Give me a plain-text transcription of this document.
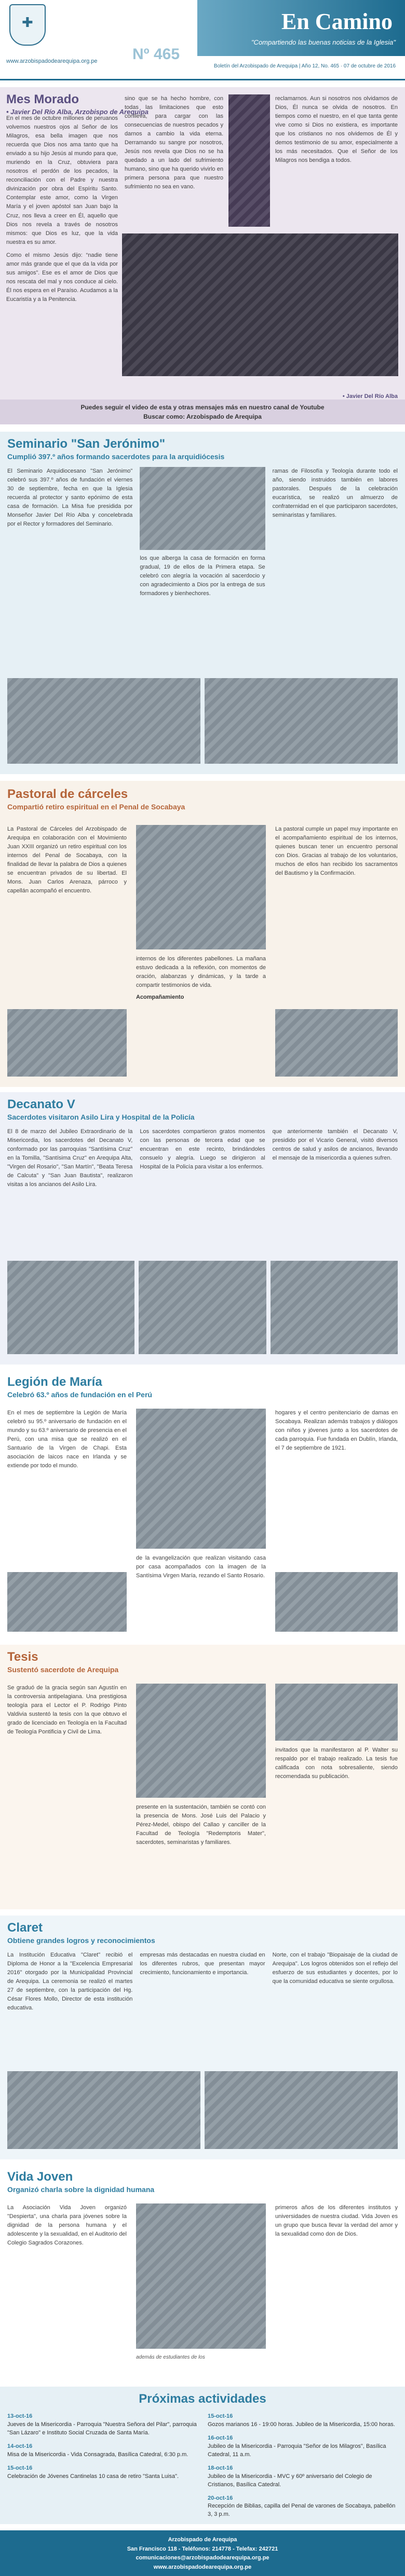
✚
www.arzobispadodearequipa.org.pe
En Camino
"Compartiendo las buenas noticias de la Iglesia"
Nº 465
Boletín del Arzobispado de Arequipa | Año 12, No. 465 · 07 de octubre de 2016
Mes Morado
• Javier Del Río Alba, Arzobispo de Arequipa

En el mes de octubre millones de peruanos volvemos nuestros ojos al Señor de los Milagros, esa bella imagen que nos recuerda que Dios nos ama tanto que ha enviado a su hijo Jesús al mundo para que, muriendo en la Cruz, obtuviera para nosotros el perdón de los pecados, la reconciliación con el Padre y nuestra divinización por obra del Espíritu Santo. Contemplar este amor, como la Virgen María y el joven apóstol san Juan bajo la Cruz, nos lleva a creer en Él, aquello que Dios nos revela a través de nosotros mismos: que Dios es luz, que la vida nuestra es su amor.

Como el mismo Jesús dijo: “nadie tiene amor más grande que el que da la vida por sus amigos”. Ese es el amor de Dios que nos rescata del mal y nos conduce al cielo. Él nos espera en el Paraíso. Acudamos a la Eucaristía y a la Penitencia.

sino que se ha hecho hombre, con todas las limitaciones que esto conlleva, para cargar con las consecuencias de nuestros pecados y darnos a cambio la vida eterna. Derramando su sangre por nosotros, Jesús nos revela que Dios no se ha quedado a un lado del sufrimiento humano, sino que ha querido vivirlo en primera persona para que nuestro sufrimiento no sea en vano.

reclamarnos. Aun si nosotros nos olvidamos de Dios, Él nunca se olvida de nosotros. En tiempos como el nuestro, en el que tanta gente vive como si Dios no existiera, es importante que los cristianos no nos olvidemos de Él y demos testimonio de su amor, especialmente a los más necesitados. Que el Señor de los Milagros nos bendiga a todos.

• Javier Del Río Alba

Puedes seguir el video de esta y otras mensajes más en nuestro canal de Youtube
Buscar como: Arzobispado de Arequipa
Seminario "San Jerónimo"
Cumplió 397.º años formando sacerdotes para la arquidiócesis

El Seminario Arquidiocesano "San Jerónimo" celebró sus 397.º años de fundación el viernes 30 de septiembre, fecha en que la Iglesia recuerda al protector y santo epónimo de esta casa de formación. La Misa fue presidida por Monseñor Javier Del Río Alba y concelebrada por el Rector y formadores del Seminario.

los que alberga la casa de formación en forma gradual, 19 de ellos de la Primera etapa. Se celebró con alegría la vocación al sacerdocio y con agradecimiento a Dios por la entrega de sus formadores y bienhechores.

ramas de Filosofía y Teología durante todo el año, siendo instruidos también en labores pastorales. Después de la celebración eucarística, se realizó un almuerzo de confraternidad en el que participaron sacerdotes, seminaristas y familiares.

Pastoral de cárceles
Compartió retiro espiritual en el Penal de Socabaya

La Pastoral de Cárceles del Arzobispado de Arequipa en colaboración con el Movimiento Juan XXIII organizó un retiro espiritual con los internos del Penal de Socabaya, con la finalidad de llevar la palabra de Dios a quienes se encuentran privados de su libertad. El Mons. Juan Carlos Arenaza, párroco y capellán acompañó el encuentro.

internos de los diferentes pabellones. La mañana estuvo dedicada a la reflexión, con momentos de oración, alabanzas y dinámicas, y la tarde a compartir testimonios de vida.

Acompañamiento

La pastoral cumple un papel muy importante en el acompañamiento espiritual de los internos, quienes buscan tener un encuentro personal con Dios. Gracias al trabajo de los voluntarios, muchos de ellos han recibido los sacramentos del Bautismo y la Confirmación.

Decanato V
Sacerdotes visitaron Asilo Lira y Hospital de la Policía

El 8 de marzo del Jubileo Extraordinario de la Misericordia, los sacerdotes del Decanato V, conformado por las parroquias "Santísima Cruz" en la Tomilla, "Santísima Cruz" en Arequipa Alta, "Virgen del Rosario", "San Martín", "Beata Teresa de Calcuta" y "San Juan Bautista", realizaron visitas a los ancianos del Asilo Lira.

Los sacerdotes compartieron gratos momentos con las personas de tercera edad que se encuentran en este recinto, brindándoles consuelo y alegría. Luego se dirigieron al Hospital de la Policía para visitar a los enfermos.

que anteriormente también el Decanato V, presidido por el Vicario General, visitó diversos centros de salud y asilos de ancianos, llevando el mensaje de la misericordia a quienes sufren.

Legión de María
Celebró 63.º años de fundación en el Perú

En el mes de septiembre la Legión de María celebró su 95.º aniversario de fundación en el mundo y su 63.º aniversario de presencia en el Perú, con una misa que se realizó en el Santuario de la Virgen de Chapi. Esta asociación de laicos nace en Irlanda y se extiende por todo el mundo.

de la evangelización que realizan visitando casa por casa acompañados con la imagen de la Santísima Virgen María, rezando el Santo Rosario.

hogares y el centro penitenciario de damas en Socabaya. Realizan además trabajos y diálogos con niños y jóvenes junto a los sacerdotes de cada parroquia. Fue fundada en Dublín, Irlanda, el 7 de septiembre de 1921.

Tesis
Sustentó sacerdote de Arequipa

Se graduó de la gracia según san Agustín en la controversia antipelagiana. Una prestigiosa teología para el Lector el P. Rodrigo Pinto Valdivia sustentó la tesis con la que obtuvo el grado de licenciado en Teología en la Facultad de Teología Pontificia y Civil de Lima.

presente en la sustentación, también se contó con la presencia de Mons. José Luis del Palacio y Pérez-Medel, obispo del Callao y canciller de la Facultad de Teología "Redemptoris Mater", sacerdotes, seminaristas y familiares.

invitados que la manifestaron al P. Walter su respaldo por el trabajo realizado. La tesis fue calificada con nota sobresaliente, siendo recomendada su publicación.

Claret
Obtiene grandes logros y reconocimientos

La Institución Educativa "Claret" recibió el Diploma de Honor a la "Excelencia Empresarial 2016" otorgado por la Municipalidad Provincial de Arequipa. La ceremonia se realizó el martes 27 de septiembre, con la participación del Hg. César Flores Mollo, Director de esta institución educativa.

empresas más destacadas en nuestra ciudad en los diferentes rubros, que presentan mayor crecimiento, funcionamiento e importancia.

Norte, con el trabajo "Biopaisaje de la ciudad de Arequipa". Los logros obtenidos son el reflejo del esfuerzo de sus estudiantes y docentes, por lo que la comunidad educativa se siente orgullosa.

Vida Joven
Organizó charla sobre la dignidad humana

La Asociación Vida Joven organizó "Despierta", una charla para jóvenes sobre la dignidad de la persona humana y el adolescente y la sexualidad, en el Auditorio del Colegio Sagrados Corazones.

además de estudiantes de los

primeros años de los diferentes institutos y universidades de nuestra ciudad. Vida Joven es un grupo que busca llevar la verdad del amor y la sexualidad como don de Dios.

Próximas actividades
13-oct-16
Jueves de la Misericordia - Parroquia "Nuestra Señora del Pilar", parroquia "San Lázaro" e Instituto Social Cruzada de Santa María.
14-oct-16
Misa de la Misericordia - Vida Consagrada, Basílica Catedral, 6:30 p.m.
15-oct-16
Celebración de Jóvenes Cantinelas 10 casa de retiro "Santa Luisa".
15-oct-16
Gozos marianos 16 - 19:00 horas. Jubileo de la Misericordia, 15:00 horas.
16-oct-16
Jubileo de la Misericordia - Parroquia "Señor de los Milagros", Basílica Catedral, 11 a.m.
18-oct-16
Jubileo de la Misericordia - MVC y 60º aniversario del Colegio de Cristianos, Basílica Catedral.
20-oct-16
Recepción de Biblias, capilla del Penal de varones de Socabaya, pabellón 3, 3 p.m.
Arzobispado de Arequipa
San Francisco 118 - Teléfonos: 214778 - Telefax: 242721
comunicaciones@arzobispadodearequipa.org.pe
www.arzobispadodearequipa.org.pe
